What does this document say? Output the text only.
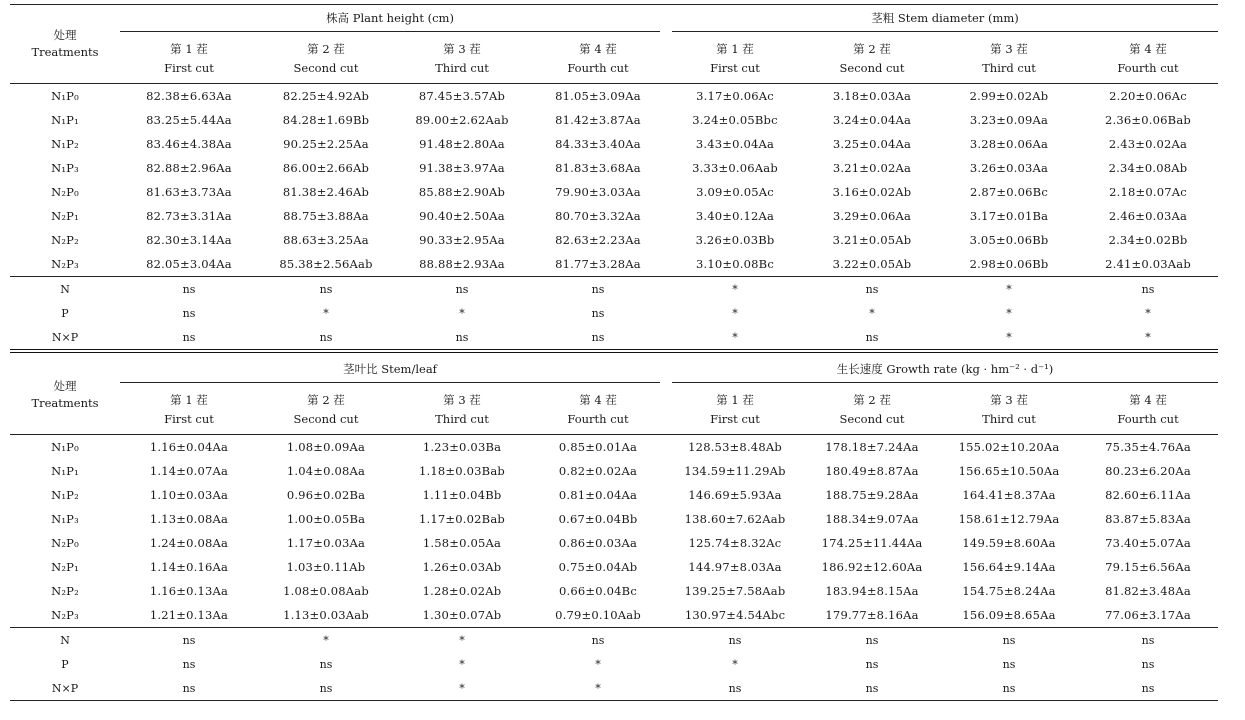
处理
Treatments	株高 Plant height (cm)				茎粗 Stem diameter (mm)			

	第 1 茬	第 2 茬	第 3 茬	第 4 茬	第 1 茬	第 2 茬	第 3 茬	第 4 茬
	First cut	Second cut	Third cut	Fourth cut	First cut	Second cut	Third cut	Fourth cut
N₁P₀	82.38±6.63Aa	82.25±4.92Ab	87.45±3.57Ab	81.05±3.09Aa	3.17±0.06Ac	3.18±0.03Aa	2.99±0.02Ab	2.20±0.06Ac
N₁P₁	83.25±5.44Aa	84.28±1.69Bb	89.00±2.62Aab	81.42±3.87Aa	3.24±0.05Bbc	3.24±0.04Aa	3.23±0.09Aa	2.36±0.06Bab
N₁P₂	83.46±4.38Aa	90.25±2.25Aa	91.48±2.80Aa	84.33±3.40Aa	3.43±0.04Aa	3.25±0.04Aa	3.28±0.06Aa	2.43±0.02Aa
N₁P₃	82.88±2.96Aa	86.00±2.66Ab	91.38±3.97Aa	81.83±3.68Aa	3.33±0.06Aab	3.21±0.02Aa	3.26±0.03Aa	2.34±0.08Ab
N₂P₀	81.63±3.73Aa	81.38±2.46Ab	85.88±2.90Ab	79.90±3.03Aa	3.09±0.05Ac	3.16±0.02Ab	2.87±0.06Bc	2.18±0.07Ac
N₂P₁	82.73±3.31Aa	88.75±3.88Aa	90.40±2.50Aa	80.70±3.32Aa	3.40±0.12Aa	3.29±0.06Aa	3.17±0.01Ba	2.46±0.03Aa
N₂P₂	82.30±3.14Aa	88.63±3.25Aa	90.33±2.95Aa	82.63±2.23Aa	3.26±0.03Bb	3.21±0.05Ab	3.05±0.06Bb	2.34±0.02Bb
N₂P₃	82.05±3.04Aa	85.38±2.56Aab	88.88±2.93Aa	81.77±3.28Aa	3.10±0.08Bc	3.22±0.05Ab	2.98±0.06Bb	2.41±0.03Aab
N	ns	ns	ns	ns	*	ns	*	ns
P	ns	*	*	ns	*	*	*	*
N×P	ns	ns	ns	ns	*	ns	*	*
处理
Treatments	茎叶比 Stem/leaf				生长速度 Growth rate (kg · hm⁻² · d⁻¹)			

	第 1 茬	第 2 茬	第 3 茬	第 4 茬	第 1 茬	第 2 茬	第 3 茬	第 4 茬
	First cut	Second cut	Third cut	Fourth cut	First cut	Second cut	Third cut	Fourth cut
N₁P₀	1.16±0.04Aa	1.08±0.09Aa	1.23±0.03Ba	0.85±0.01Aa	128.53±8.48Ab	178.18±7.24Aa	155.02±10.20Aa	75.35±4.76Aa
N₁P₁	1.14±0.07Aa	1.04±0.08Aa	1.18±0.03Bab	0.82±0.02Aa	134.59±11.29Ab	180.49±8.87Aa	156.65±10.50Aa	80.23±6.20Aa
N₁P₂	1.10±0.03Aa	0.96±0.02Ba	1.11±0.04Bb	0.81±0.04Aa	146.69±5.93Aa	188.75±9.28Aa	164.41±8.37Aa	82.60±6.11Aa
N₁P₃	1.13±0.08Aa	1.00±0.05Ba	1.17±0.02Bab	0.67±0.04Bb	138.60±7.62Aab	188.34±9.07Aa	158.61±12.79Aa	83.87±5.83Aa
N₂P₀	1.24±0.08Aa	1.17±0.03Aa	1.58±0.05Aa	0.86±0.03Aa	125.74±8.32Ac	174.25±11.44Aa	149.59±8.60Aa	73.40±5.07Aa
N₂P₁	1.14±0.16Aa	1.03±0.11Ab	1.26±0.03Ab	0.75±0.04Ab	144.97±8.03Aa	186.92±12.60Aa	156.64±9.14Aa	79.15±6.56Aa
N₂P₂	1.16±0.13Aa	1.08±0.08Aab	1.28±0.02Ab	0.66±0.04Bc	139.25±7.58Aab	183.94±8.15Aa	154.75±8.24Aa	81.82±3.48Aa
N₂P₃	1.21±0.13Aa	1.13±0.03Aab	1.30±0.07Ab	0.79±0.10Aab	130.97±4.54Abc	179.77±8.16Aa	156.09±8.65Aa	77.06±3.17Aa
N	ns	*	*	ns	ns	ns	ns	ns
P	ns	ns	*	*	*	ns	ns	ns
N×P	ns	ns	*	*	ns	ns	ns	ns
